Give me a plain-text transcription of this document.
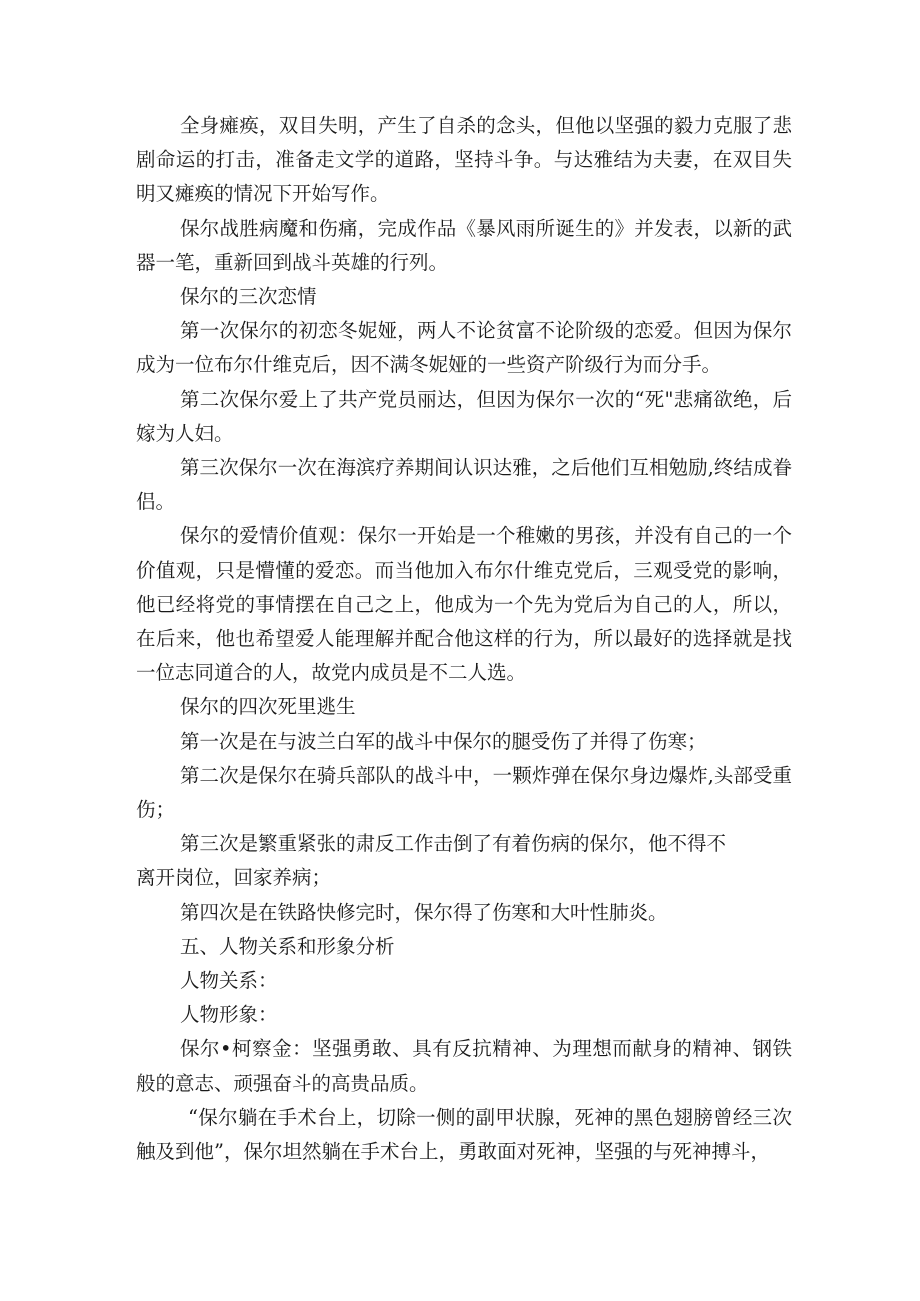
全身瘫痪，双目失明，产生了自杀的念头，但他以坚强的毅力克服了悲剧命运的打击，准备走文学的道路，坚持斗争。与达雅结为夫妻，在双目失明又瘫痪的情况下开始写作。

保尔战胜病魔和伤痛，完成作品《暴风雨所诞生的》并发表，以新的武器一笔，重新回到战斗英雄的行列。

保尔的三次恋情

第一次保尔的初恋冬妮娅，两人不论贫富不论阶级的恋爱。但因为保尔成为一位布尔什维克后，因不满冬妮娅的一些资产阶级行为而分手。

第二次保尔爱上了共产党员丽达，但因为保尔一次的“死"悲痛欲绝，后嫁为人妇。

第三次保尔一次在海滨疗养期间认识达雅，之后他们互相勉励,终结成眷侣。

保尔的爱情价值观：保尔一开始是一个稚嫩的男孩，并没有自己的一个价值观，只是懵懂的爱恋。而当他加入布尔什维克党后，三观受党的影响，他已经将党的事情摆在自己之上，他成为一个先为党后为自己的人，所以，在后来，他也希望爱人能理解并配合他这样的行为，所以最好的选择就是找一位志同道合的人，故党内成员是不二人选。

保尔的四次死里逃生

第一次是在与波兰白军的战斗中保尔的腿受伤了并得了伤寒；

第二次是保尔在骑兵部队的战斗中，一颗炸弹在保尔身边爆炸,头部受重伤；

第三次是繁重紧张的肃反工作击倒了有着伤病的保尔，他不得不

离开岗位，回家养病；

第四次是在铁路快修完时，保尔得了伤寒和大叶性肺炎。

五、人物关系和形象分析

人物关系：

人物形象：

保尔•柯察金：坚强勇敢、具有反抗精神、为理想而献身的精神、钢铁般的意志、顽强奋斗的高贵品质。

“保尔躺在手术台上，切除一侧的副甲状腺，死神的黑色翅膀曾经三次触及到他”，保尔坦然躺在手术台上，勇敢面对死神，坚强的与死神搏斗，
